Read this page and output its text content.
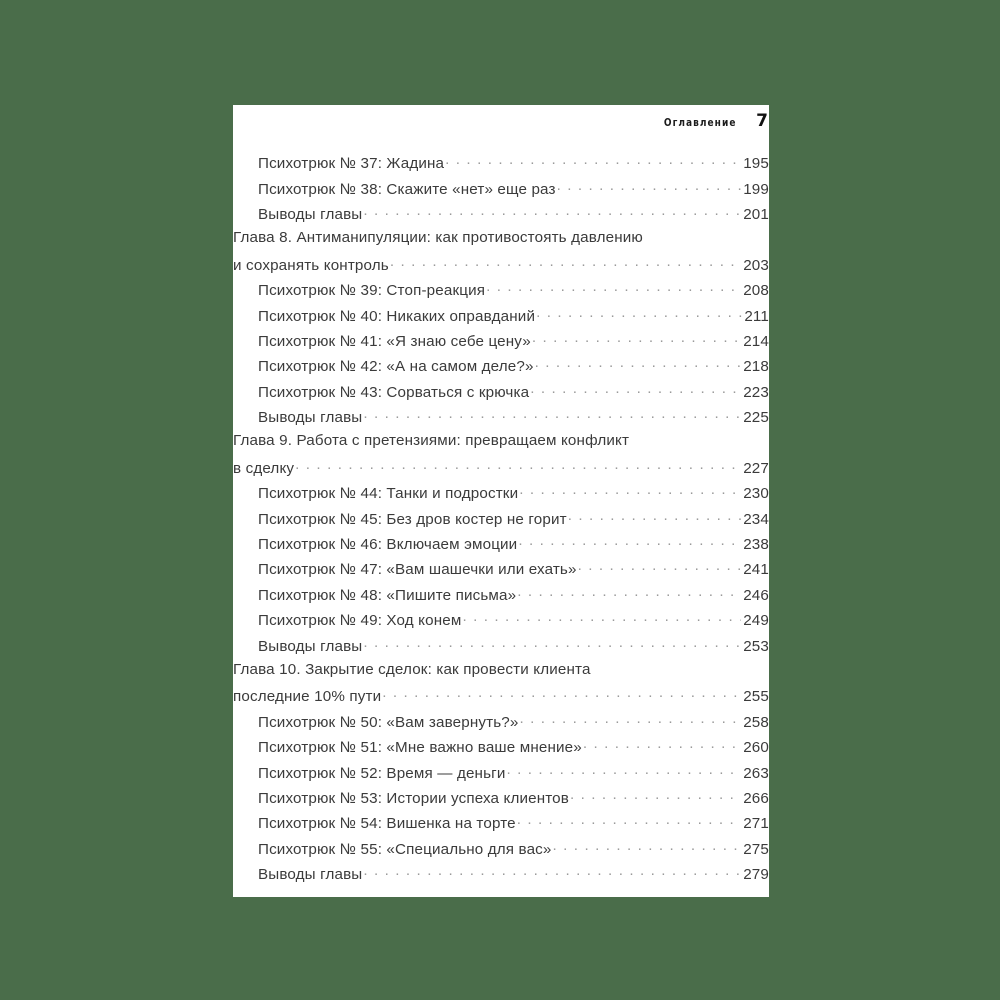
Оглавление 7
Психотрюк № 37: Жадина . . .	195
Психотрюк № 38: Скажите «нет» еще раз . . .	199
Выводы главы . . .	201
Глава 8. Антиманипуляции: как противостоять давлению
и сохранять контроль . . .	203
Психотрюк № 39: Стоп-реакция . . .	208
Психотрюк № 40: Никаких оправданий . . .	211
Психотрюк № 41: «Я знаю себе цену» . . .	214
Психотрюк № 42: «А на самом деле?» . . .	218
Психотрюк № 43: Сорваться с крючка . . .	223
Выводы главы . . .	225
Глава 9. Работа с претензиями: превращаем конфликт
в сделку . . .	227
Психотрюк № 44: Танки и подростки . . .	230
Психотрюк № 45: Без дров костер не горит . . .	234
Психотрюк № 46: Включаем эмоции . . .	238
Психотрюк № 47: «Вам шашечки или ехать» . . .	241
Психотрюк № 48: «Пишите письма» . . .	246
Психотрюк № 49: Ход конем . . .	249
Выводы главы . . .	253
Глава 10. Закрытие сделок: как провести клиента
последние 10% пути . . .	255
Психотрюк № 50: «Вам завернуть?» . . .	258
Психотрюк № 51: «Мне важно ваше мнение» . . .	260
Психотрюк № 52: Время — деньги . . .	263
Психотрюк № 53: Истории успеха клиентов . . .	266
Психотрюк № 54: Вишенка на торте . . .	271
Психотрюк № 55: «Специально для вас» . . .	275
Выводы главы . . .	279
